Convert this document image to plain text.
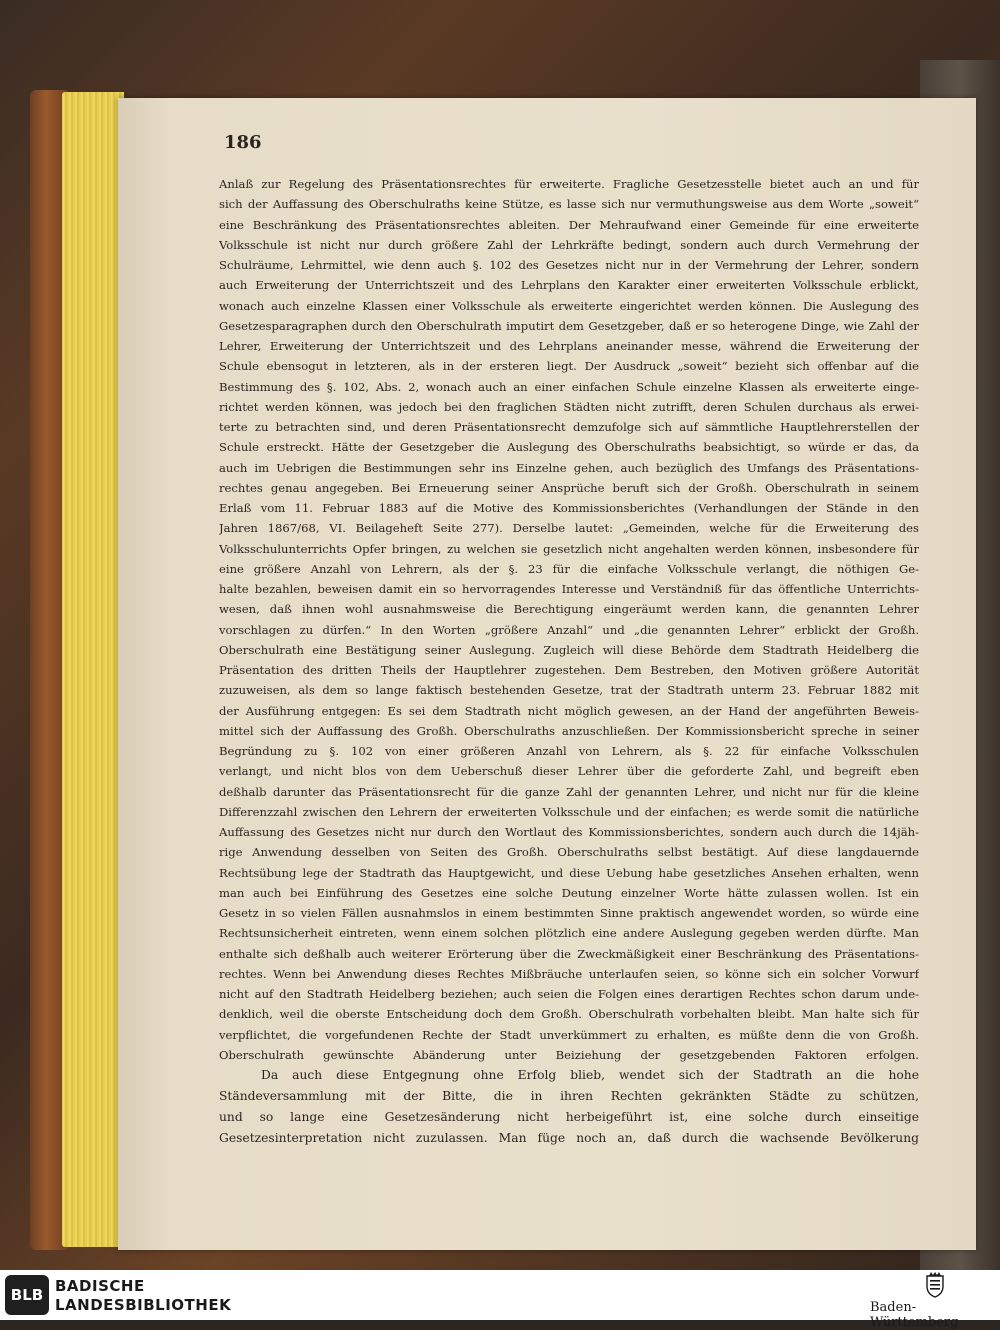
186

Anlaß zur Regelung des Präsentationsrechtes für erweiterte. Fragliche Gesetzesstelle bietet auch an und für

sich der Auffassung des Oberschulraths keine Stütze, es lasse sich nur vermuthungsweise aus dem Worte „soweit“

eine Beschränkung des Präsentationsrechtes ableiten. Der Mehraufwand einer Gemeinde für eine erweiterte

Volksschule ist nicht nur durch größere Zahl der Lehrkräfte bedingt, sondern auch durch Vermehrung der

Schulräume, Lehrmittel, wie denn auch §. 102 des Gesetzes nicht nur in der Vermehrung der Lehrer, sondern

auch Erweiterung der Unterrichtszeit und des Lehrplans den Karakter einer erweiterten Volksschule erblickt,

wonach auch einzelne Klassen einer Volksschule als erweiterte eingerichtet werden können. Die Auslegung des

Gesetzesparagraphen durch den Oberschulrath imputirt dem Gesetzgeber, daß er so heterogene Dinge, wie Zahl der

Lehrer, Erweiterung der Unterrichtszeit und des Lehrplans aneinander messe, während die Erweiterung der

Schule ebensogut in letzteren, als in der ersteren liegt. Der Ausdruck „soweit“ bezieht sich offenbar auf die

Bestimmung des §. 102, Abs. 2, wonach auch an einer einfachen Schule einzelne Klassen als erweiterte einge-

richtet werden können, was jedoch bei den fraglichen Städten nicht zutrifft, deren Schulen durchaus als erwei-

terte zu betrachten sind, und deren Präsentationsrecht demzufolge sich auf sämmtliche Hauptlehrerstellen der

Schule erstreckt. Hätte der Gesetzgeber die Auslegung des Oberschulraths beabsichtigt, so würde er das, da

auch im Uebrigen die Bestimmungen sehr ins Einzelne gehen, auch bezüglich des Umfangs des Präsentations-

rechtes genau angegeben. Bei Erneuerung seiner Ansprüche beruft sich der Großh. Oberschulrath in seinem

Erlaß vom 11. Februar 1883 auf die Motive des Kommissionsberichtes (Verhandlungen der Stände in den

Jahren 1867/68, VI. Beilageheft Seite 277). Derselbe lautet: „Gemeinden, welche für die Erweiterung des

Volksschulunterrichts Opfer bringen, zu welchen sie gesetzlich nicht angehalten werden können, insbesondere für

eine größere Anzahl von Lehrern, als der §. 23 für die einfache Volksschule verlangt, die nöthigen Ge-

halte bezahlen, beweisen damit ein so hervorragendes Interesse und Verständniß für das öffentliche Unterrichts-

wesen, daß ihnen wohl ausnahmsweise die Berechtigung eingeräumt werden kann, die genannten Lehrer

vorschlagen zu dürfen.“ In den Worten „größere Anzahl“ und „die genannten Lehrer“ erblickt der Großh.

Oberschulrath eine Bestätigung seiner Auslegung. Zugleich will diese Behörde dem Stadtrath Heidelberg die

Präsentation des dritten Theils der Hauptlehrer zugestehen. Dem Bestreben, den Motiven größere Autorität

zuzuweisen, als dem so lange faktisch bestehenden Gesetze, trat der Stadtrath unterm 23. Februar 1882 mit

der Ausführung entgegen: Es sei dem Stadtrath nicht möglich gewesen, an der Hand der angeführten Beweis-

mittel sich der Auffassung des Großh. Oberschulraths anzuschließen. Der Kommissionsbericht spreche in seiner

Begründung zu §. 102 von einer größeren Anzahl von Lehrern, als §. 22 für einfache Volksschulen

verlangt, und nicht blos von dem Ueberschuß dieser Lehrer über die geforderte Zahl, und begreift eben

deßhalb darunter das Präsentationsrecht für die ganze Zahl der genannten Lehrer, und nicht nur für die kleine

Differenzzahl zwischen den Lehrern der erweiterten Volksschule und der einfachen; es werde somit die natürliche

Auffassung des Gesetzes nicht nur durch den Wortlaut des Kommissionsberichtes, sondern auch durch die 14jäh-

rige Anwendung desselben von Seiten des Großh. Oberschulraths selbst bestätigt. Auf diese langdauernde

Rechtsübung lege der Stadtrath das Hauptgewicht, und diese Uebung habe gesetzliches Ansehen erhalten, wenn

man auch bei Einführung des Gesetzes eine solche Deutung einzelner Worte hätte zulassen wollen. Ist ein

Gesetz in so vielen Fällen ausnahmslos in einem bestimmten Sinne praktisch angewendet worden, so würde eine

Rechtsunsicherheit eintreten, wenn einem solchen plötzlich eine andere Auslegung gegeben werden dürfte. Man

enthalte sich deßhalb auch weiterer Erörterung über die Zweckmäßigkeit einer Beschränkung des Präsentations-

rechtes. Wenn bei Anwendung dieses Rechtes Mißbräuche unterlaufen seien, so könne sich ein solcher Vorwurf

nicht auf den Stadtrath Heidelberg beziehen; auch seien die Folgen eines derartigen Rechtes schon darum unde-

denklich, weil die oberste Entscheidung doch dem Großh. Oberschulrath vorbehalten bleibt. Man halte sich für

verpflichtet, die vorgefundenen Rechte der Stadt unverkümmert zu erhalten, es müßte denn die von Großh.

Oberschulrath gewünschte Abänderung unter Beiziehung der gesetzgebenden Faktoren erfolgen.

Da auch diese Entgegnung ohne Erfolg blieb, wendet sich der Stadtrath an die hohe

Ständeversammlung mit der Bitte, die in ihren Rechten gekränkten Städte zu schützen,

und so lange eine Gesetzesänderung nicht herbeigeführt ist, eine solche durch einseitige

Gesetzesinterpretation nicht zuzulassen. Man füge noch an, daß durch die wachsende Bevölkerung

BLB BADISCHE

LANDESBIBLIOTHEK	Baden-Württemberg
